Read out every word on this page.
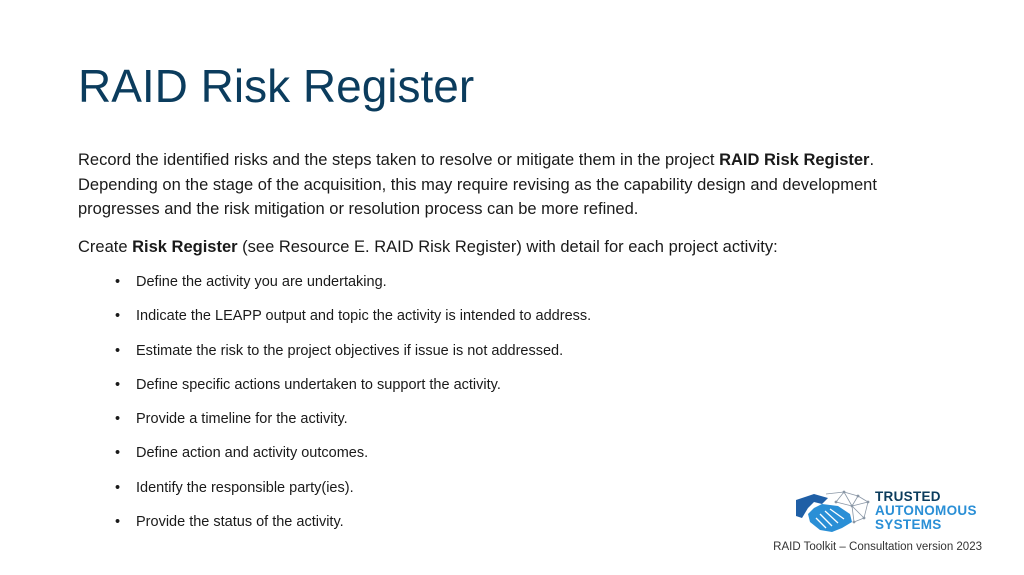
RAID Risk Register

Record the identified risks and the steps taken to resolve or mitigate them in the project RAID Risk Register. Depending on the stage of the acquisition, this may require revising as the capability design and development progresses and the risk mitigation or resolution process can be more refined.

Create Risk Register (see Resource E. RAID Risk Register) with detail for each project activity:

• Define the activity you are undertaking.
• Indicate the LEAPP output and topic the activity is intended to address.
• Estimate the risk to the project objectives if issue is not addressed.
• Define specific actions undertaken to support the activity.
• Provide a timeline for the activity.
• Define action and activity outcomes.
• Identify the responsible party(ies).
• Provide the status of the activity.
TRUSTED
AUTONOMOUS
SYSTEMS
RAID Toolkit – Consultation version 2023
